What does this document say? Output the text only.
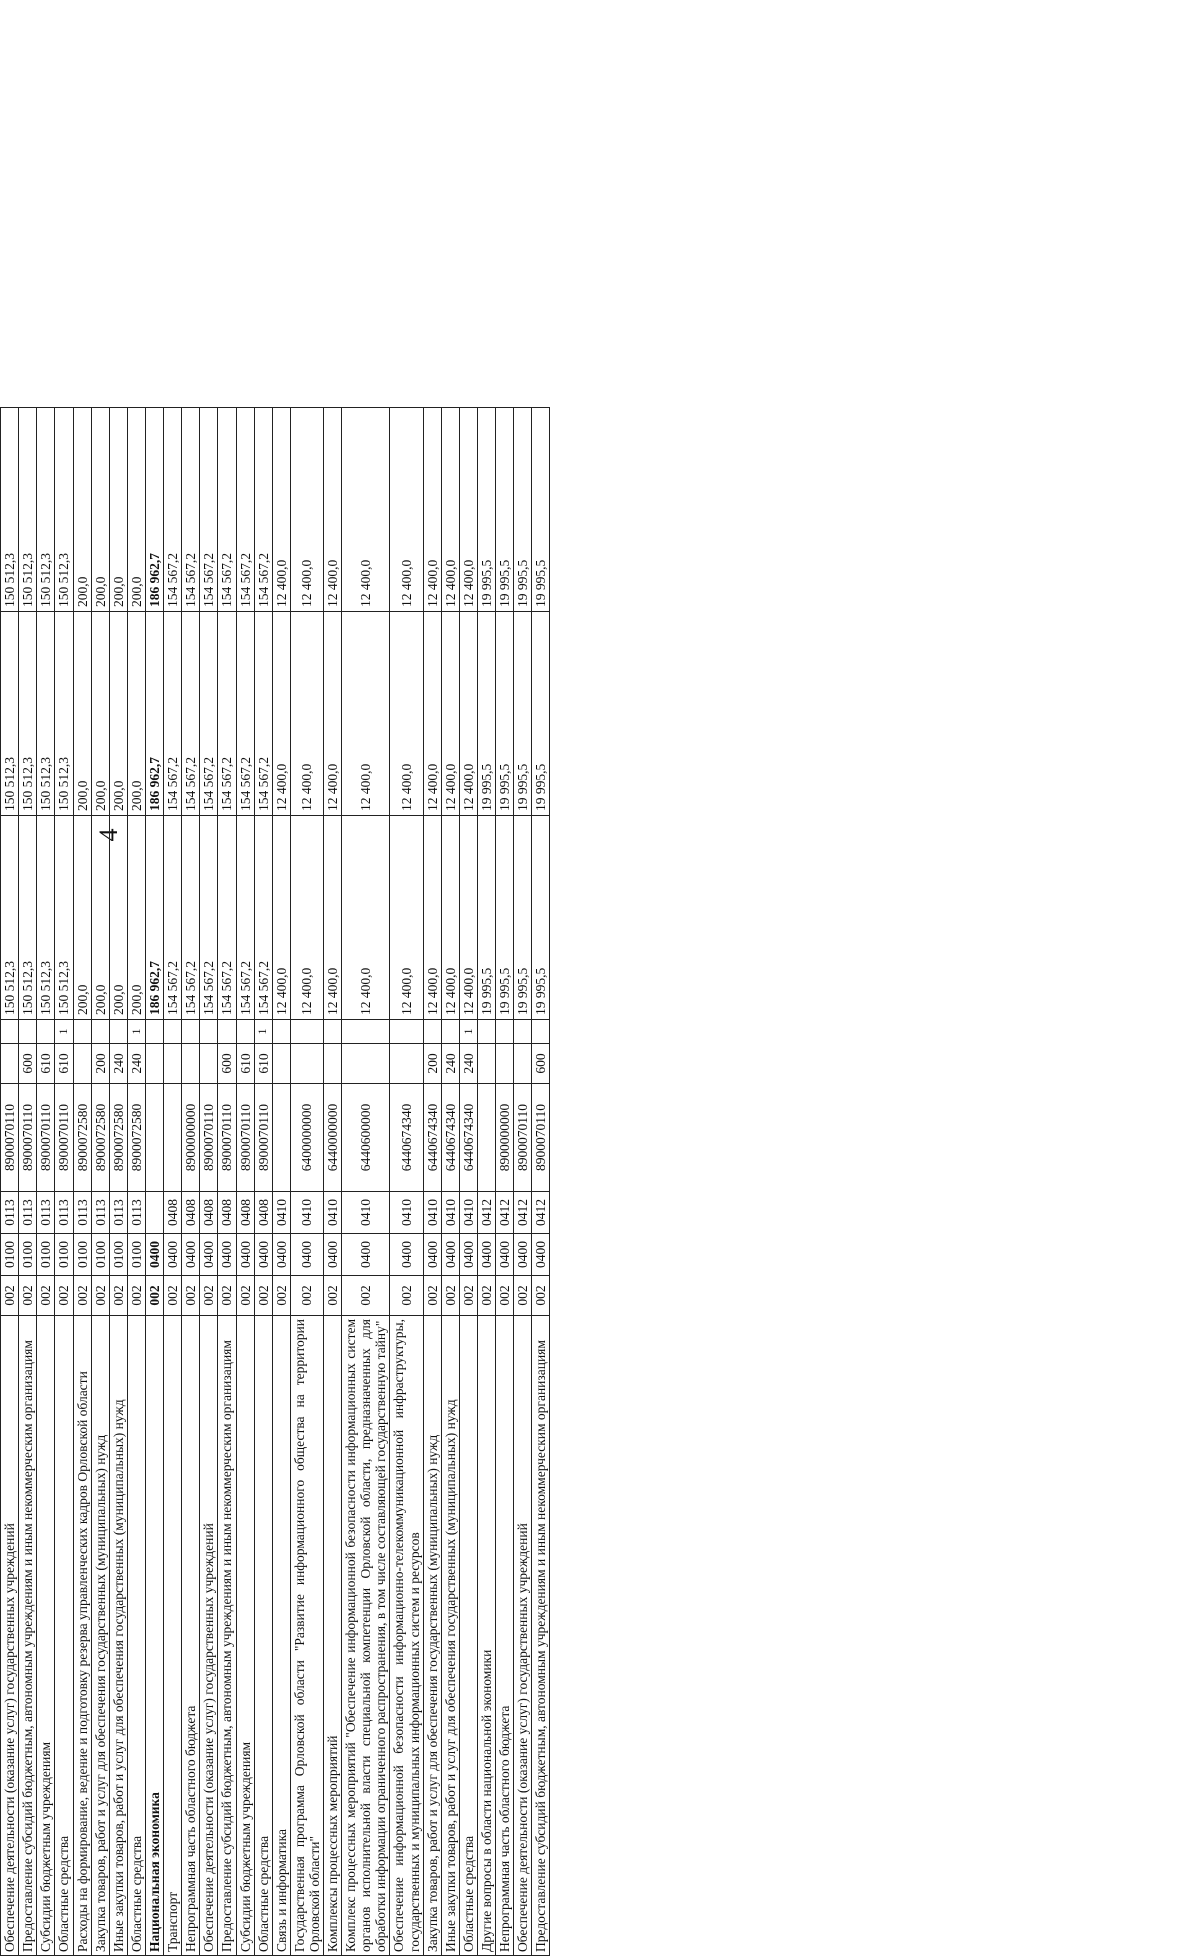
4

Обеспечение деятельности (оказание услуг) государственных учреждений	002	0100	0113	8900070110			150 512,3	150 512,3	150 512,3
Предоставление субсидий бюджетным, автономным учреждениям и иным некоммерческим организациям	002	0100	0113	8900070110	600		150 512,3	150 512,3	150 512,3
Субсидии бюджетным учреждениям	002	0100	0113	8900070110	610		150 512,3	150 512,3	150 512,3
Областные средства	002	0100	0113	8900070110	610	1	150 512,3	150 512,3	150 512,3
Расходы на формирование, ведение и подготовку резерва управленческих кадров Орловской области	002	0100	0113	8900072580			200,0	200,0	200,0
Закупка товаров, работ и услуг для обеспечения государственных (муниципальных) нужд	002	0100	0113	8900072580	200		200,0	200,0	200,0
Иные закупки товаров, работ и услуг для обеспечения государственных (муниципальных) нужд	002	0100	0113	8900072580	240		200,0	200,0	200,0
Областные средства	002	0100	0113	8900072580	240	1	200,0	200,0	200,0
Национальная экономика	002	0400					186 962,7	186 962,7	186 962,7
Транспорт	002	0400	0408				154 567,2	154 567,2	154 567,2
Непрограммная часть областного бюджета	002	0400	0408	8900000000			154 567,2	154 567,2	154 567,2
Обеспечение деятельности (оказание услуг) государственных учреждений	002	0400	0408	8900070110			154 567,2	154 567,2	154 567,2
Предоставление субсидий бюджетным, автономным учреждениям и иным некоммерческим организациям	002	0400	0408	8900070110	600		154 567,2	154 567,2	154 567,2
Субсидии бюджетным учреждениям	002	0400	0408	8900070110	610		154 567,2	154 567,2	154 567,2
Областные средства	002	0400	0408	8900070110	610	1	154 567,2	154 567,2	154 567,2
Связь и информатика	002	0400	0410				12 400,0	12 400,0	12 400,0
Государственная программа Орловской области "Развитие информационного общества на территории Орловской области"	002	0400	0410	6400000000			12 400,0	12 400,0	12 400,0
Комплексы процессных мероприятий	002	0400	0410	6440000000			12 400,0	12 400,0	12 400,0
Комплекс процессных мероприятий "Обеспечение информационной безопасности информационных систем органов исполнительной власти специальной компетенции Орловской области, предназначенных для обработки информации ограниченного распространения, в том числе составляющей государственную тайну"	002	0400	0410	6440600000			12 400,0	12 400,0	12 400,0
Обеспечение информационной безопасности информационно-телекоммуникационной инфраструктуры, государственных и муниципальных информационных систем и ресурсов	002	0400	0410	6440674340			12 400,0	12 400,0	12 400,0
Закупка товаров, работ и услуг для обеспечения государственных (муниципальных) нужд	002	0400	0410	6440674340	200		12 400,0	12 400,0	12 400,0
Иные закупки товаров, работ и услуг для обеспечения государственных (муниципальных) нужд	002	0400	0410	6440674340	240		12 400,0	12 400,0	12 400,0
Областные средства	002	0400	0410	6440674340	240	1	12 400,0	12 400,0	12 400,0
Другие вопросы в области национальной экономики	002	0400	0412				19 995,5	19 995,5	19 995,5
Непрограммная часть областного бюджета	002	0400	0412	8900000000			19 995,5	19 995,5	19 995,5
Обеспечение деятельности (оказание услуг) государственных учреждений	002	0400	0412	8900070110			19 995,5	19 995,5	19 995,5
Предоставление субсидий бюджетным, автономным учреждениям и иным некоммерческим организациям	002	0400	0412	8900070110	600		19 995,5	19 995,5	19 995,5
